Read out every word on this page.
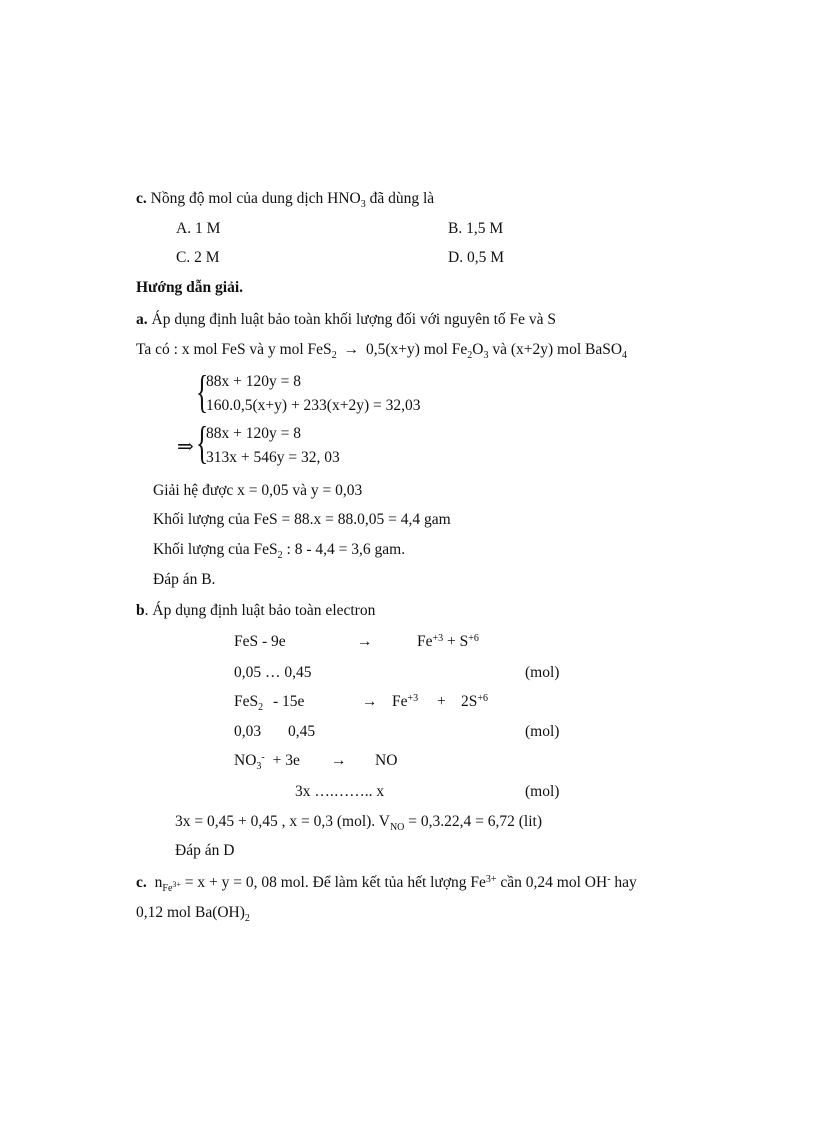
c. Nồng độ mol của dung dịch $HNO_3$ đã dùng là
A. 1 M	B. 1,5 M
C. 2 M	D. 0,5 M
Hướng dẫn giải.
a. Áp dụng định luật bảo toàn khối lượng đối với nguyên tố Fe và S
Ta có : x mol FeS và y mol FeS$_2$ → 0,5(x+y) mol $Fe_2O_3$ và (x+2y) mol BaSO$_4$
{
88x + 120y = 8
160.0,5(x+y) + 233(x+2y) = 32,03
⇒ {
88x + 120y = 8
313x + 546y = 32, 03
Giải hệ được x = 0,05 và y = 0,03
Khối lượng của FeS = 88.x = 88.0,05 = 4,4 gam
Khối lượng của FeS$_2$ : 8 - 4,4 = 3,6 gam.
Đáp án B.
b. Áp dụng định luật bảo toàn electron
FeS - 9e	→	$Fe^{+3} + S^{+6}$
0,05 … 0,45	(mol)
FeS$_2$ - 15e	→ $Fe^{+3} + 2S^{+6}$
0,03 0,45	(mol)
$NO_3^- + 3e$ → NO
3x ….…….. x	(mol)
3x = 0,45 + 0,45 , x = 0,3 (mol). $V_{NO} = 0,3.22,4 = 6,72$ (lit)
Đáp án D
c. $n_{Fe^{3+}} = x + y = 0$, 08 mol. Để làm kết tủa hết lượng $Fe^{3+}$ cần 0,24 mol OH- hay
0,12 mol $Ba(OH)_2$
